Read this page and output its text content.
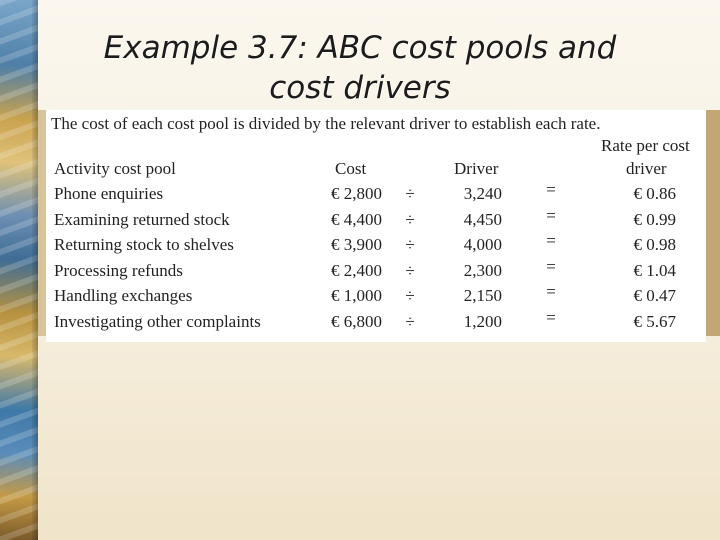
Example 3.7: ABC cost pools and
cost drivers
The cost of each cost pool is divided by the relevant driver to establish each rate.
Rate per cost
Activity cost pool	Cost	Driver	driver
Phone enquiries	€ 2,800 ÷	3,240	=	€ 0.86
Examining returned stock	€ 4,400 ÷	4,450	=	€ 0.99
Returning stock to shelves	€ 3,900 ÷	4,000	=	€ 0.98
Processing refunds	€ 2,400 ÷	2,300	=	€ 1.04
Handling exchanges	€ 1,000 ÷	2,150	=	€ 0.47
Investigating other complaints	€ 6,800 ÷	1,200	=	€ 5.67
